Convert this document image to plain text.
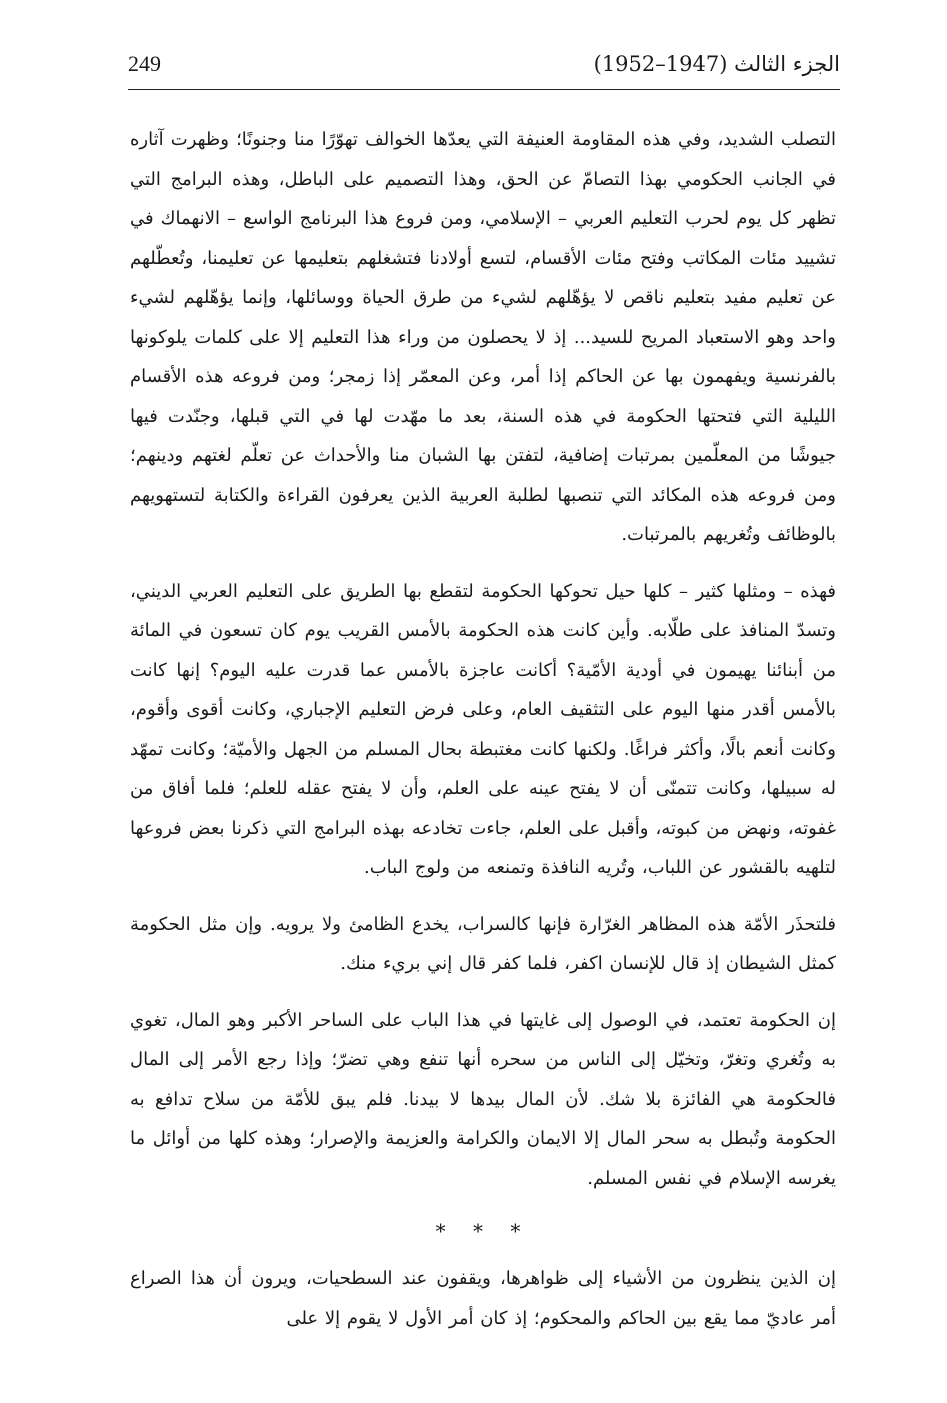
249	الجزء الثالث (1947–1952)

التصلب الشديد، وفي هذه المقاومة العنيفة التي يعدّها الخوالف تهوّرًا منا وجنونًا؛ وظهرت آثاره في الجانب الحكومي بهذا التصامّ عن الحق، وهذا التصميم على الباطل، وهذه البرامج التي تظهر كل يوم لحرب التعليم العربي – الإسلامي، ومن فروع هذا البرنامج الواسع – الانهماك في تشييد مئات المكاتب وفتح مئات الأقسام، لتسع أولادنا فتشغلهم بتعليمها عن تعليمنا، وتُعطّلهم عن تعليم مفيد بتعليم ناقص لا يؤهّلهم لشيء من طرق الحياة ووسائلها، وإنما يؤهّلهم لشيء واحد وهو الاستعباد المريح للسيد... إذ لا يحصلون من وراء هذا التعليم إلا على كلمات يلوكونها بالفرنسية ويفهمون بها عن الحاكم إذا أمر، وعن المعمّر إذا زمجر؛ ومن فروعه هذه الأقسام الليلية التي فتحتها الحكومة في هذه السنة، بعد ما مهّدت لها في التي قبلها، وجنّدت فيها جيوشًا من المعلّمين بمرتبات إضافية، لتفتن بها الشبان منا والأحداث عن تعلّم لغتهم ودينهم؛ ومن فروعه هذه المكائد التي تنصبها لطلبة العربية الذين يعرفون القراءة والكتابة لتستهويهم بالوظائف وتُغريهم بالمرتبات.

فهذه – ومثلها كثير – كلها حيل تحوكها الحكومة لتقطع بها الطريق على التعليم العربي الديني، وتسدّ المنافذ على طلّابه. وأين كانت هذه الحكومة بالأمس القريب يوم كان تسعون في المائة من أبنائنا يهيمون في أودية الأمّية؟ أكانت عاجزة بالأمس عما قدرت عليه اليوم؟ إنها كانت بالأمس أقدر منها اليوم على التثقيف العام، وعلى فرض التعليم الإجباري، وكانت أقوى وأقوم، وكانت أنعم بالًا، وأكثر فراغًا. ولكنها كانت مغتبطة بحال المسلم من الجهل والأميّة؛ وكانت تمهّد له سبيلها، وكانت تتمنّى أن لا يفتح عينه على العلم، وأن لا يفتح عقله للعلم؛ فلما أفاق من غفوته، ونهض من كبوته، وأقبل على العلم، جاءت تخادعه بهذه البرامج التي ذكرنا بعض فروعها لتلهيه بالقشور عن اللباب، وتُريه النافذة وتمنعه من ولوج الباب.

فلتحذَر الأمّة هذه المظاهر الغرّارة فإنها كالسراب، يخدع الظامئ ولا يرويه. وإن مثل الحكومة كمثل الشيطان إذ قال للإنسان اكفر، فلما كفر قال إني بريء منك.

إن الحكومة تعتمد، في الوصول إلى غايتها في هذا الباب على الساحر الأكبر وهو المال، تغوي به وتُغري وتغرّ، وتخيّل إلى الناس من سحره أنها تنفع وهي تضرّ؛ وإذا رجع الأمر إلى المال فالحكومة هي الفائزة بلا شك. لأن المال بيدها لا بيدنا. فلم يبق للأمّة من سلاح تدافع به الحكومة وتُبطل به سحر المال إلا الايمان والكرامة والعزيمة والإصرار؛ وهذه كلها من أوائل ما يغرسه الإسلام في نفس المسلم.

* * *

إن الذين ينظرون من الأشياء إلى ظواهرها، ويقفون عند السطحيات، ويرون أن هذا الصراع أمر عاديّ مما يقع بين الحاكم والمحكوم؛ إذ كان أمر الأول لا يقوم إلا على
